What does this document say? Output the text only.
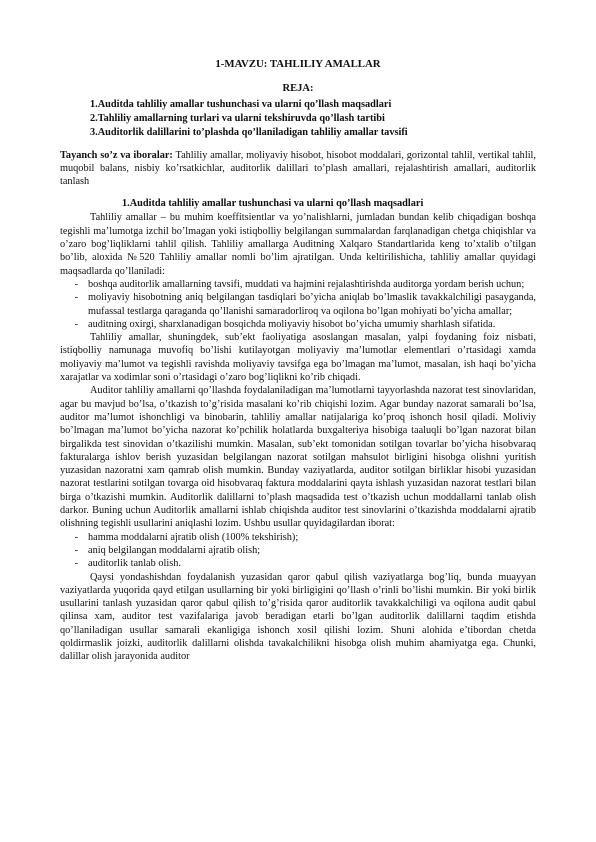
1-MAVZU: TAHLILIY AMALLAR
REJA:
1.Auditda tahliliy amallar tushunchasi va ularni qo’llash maqsadlari
2.Tahliliy amallarning turlari va ularni tekshiruvda qo’llash tartibi
3.Auditorlik dalillarini to’plashda qo’llaniladigan tahliliy amallar tavsifi
Tayanch so’z va iboralar: Tahliliy amallar, moliyaviy hisobot, hisobot moddalari, gorizontal tahlil, vertikal tahlil, muqobil balans, nisbiy ko’rsatkichlar, auditorlik dalillari to’plash amallari, rejalashtirish amallari, auditorlik tanlash
1.Auditda tahliliy amallar tushunchasi va ularni qo’llash maqsadlari

Tahliliy amallar – bu muhim koeffitsientlar va yo’nalishlarni, jumladan bundan kelib chiqadigan boshqa tegishli ma’lumotga izchil bo’lmagan yoki istiqbolliy belgilangan summalardan farqlanadigan chetga chiqishlar va o’zaro bog’liqliklarni tahlil qilish. Tahliliy amallarga Auditning Xalqaro Standartlarida keng to’xtalib o’tilgan bo’lib, aloxida №520 Tahliliy amallar nomli bo’lim ajratilgan. Unda keltirilishicha, tahliliy amallar quyidagi maqsadlarda qo’llaniladi:

- boshqa auditorlik amallarning tavsifi, muddati va hajmini rejalashtirishda auditorga yordam berish uchun;
- moliyaviy hisobotning aniq belgilangan tasdiqlari bo’yicha aniqlab bo’lmaslik tavakkalchiligi pasayganda, mufassal testlarga qaraganda qo’llanishi samaradorliroq va oqilona bo’lgan mohiyati bo’yicha amallar;
- auditning oxirgi, sharxlanadigan bosqichda moliyaviy hisobot bo’yicha umumiy sharhlash sifatida.

Tahliliy amallar, shuningdek, sub’ekt faoliyatiga asoslangan masalan, yalpi foydaning foiz nisbati, istiqbolliy namunaga muvofiq bo’lishi kutilayotgan moliyaviy ma’lumotlar elementlari o’rtasidagi xamda moliyaviy ma’lumot va tegishli ravishda moliyaviy tavsifga ega bo’lmagan ma’lumot, masalan, ish haqi bo’yicha xarajatlar va xodimlar soni o’rtasidagi o’zaro bog’liqlikni ko’rib chiqadi.

Auditor tahliliy amallarni qo’llashda foydalaniladigan ma’lumotlarni tayyorlashda nazorat test sinovlaridan, agar bu mavjud bo’lsa, o’tkazish to’g’risida masalani ko’rib chiqishi lozim. Agar bunday nazorat samarali bo’lsa, auditor ma’lumot ishonchligi va binobarin, tahliliy amallar natijalariga ko’proq ishonch hosil qiladi. Moliviy bo’lmagan ma’lumot bo’yicha nazorat ko’pchilik holatlarda buxgalteriya hisobiga taaluqli bo’lgan nazorat bilan birgalikda test sinovidan o’tkazilishi mumkin. Masalan, sub’ekt tomonidan sotilgan tovarlar bo’yicha hisobvaraq fakturalarga ishlov berish yuzasidan belgilangan nazorat sotilgan mahsulot birligini hisobga olishni yuritish yuzasidan nazoratni xam qamrab olish mumkin. Bunday vaziyatlarda, auditor sotilgan birliklar hisobi yuzasidan nazorat testlarini sotilgan tovarga oid hisobvaraq faktura moddalarini qayta ishlash yuzasidan nazorat testlari bilan birga o’tkazishi mumkin. Auditorlik dalillarni to’plash maqsadida test o’tkazish uchun moddallarni tanlab olish darkor. Buning uchun Auditorlik amallarni ishlab chiqishda auditor test sinovlarini o’tkazishda moddalarni ajratib olishning tegishli usullarini aniqlashi lozim. Ushbu usullar quyidagilardan iborat:

- hamma moddalarni ajratib olish (100% tekshirish);
- aniq belgilangan moddalarni ajratib olish;
- auditorlik tanlab olish.

Qaysi yondashishdan foydalanish yuzasidan qaror qabul qilish vaziyatlarga bog’liq, bunda muayyan vaziyatlarda yuqorida qayd etilgan usullarning bir yoki birligigini qo’llash o’rinli bo’lishi mumkin. Bir yoki birlik usullarini tanlash yuzasidan qaror qabul qilish to’g’risida qaror auditorlik tavakkalchiligi va oqilona audit qabul qilinsa xam, auditor test vazifalariga javob beradigan etarli bo’lgan auditorlik dalillarni taqdim etishda qo’llaniladigan usullar samarali ekanligiga ishonch xosil qilishi lozim. Shuni alohida e’tibordan chetda qoldirmaslik joizki, auditorlik dalillarni olishda tavakalchilikni hisobga olish muhim ahamiyatga ega. Chunki, dalillar olish jarayonida auditor
